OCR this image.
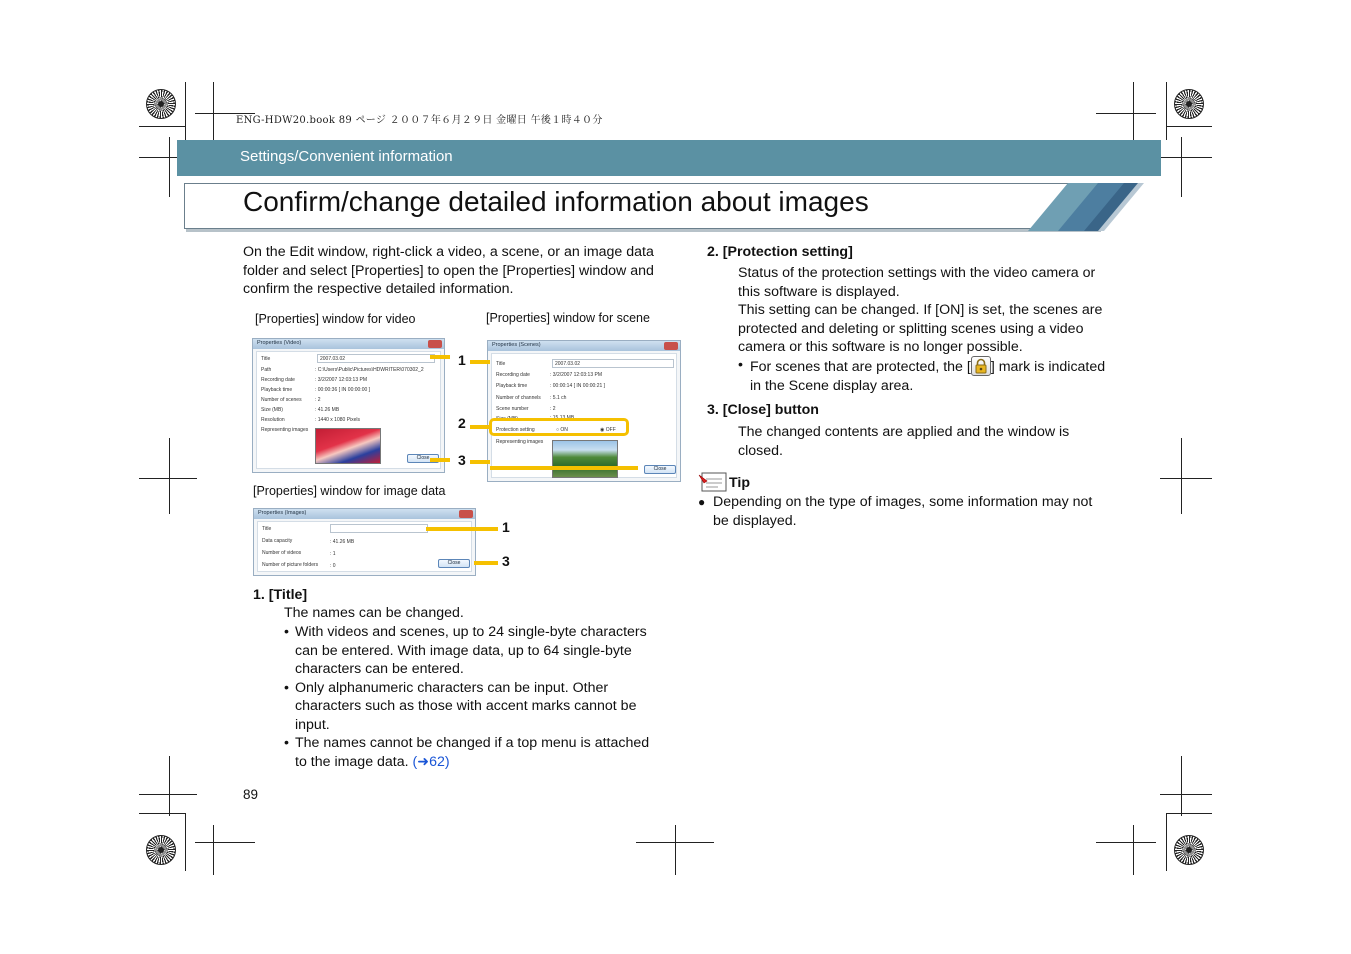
ENG-HDW20.book 89 ページ ２００７年６月２９日 金曜日 午後１時４０分
Settings/Convenient information
Confirm/change detailed information about images
On the Edit window, right-click a video, a scene, or an image data folder and select [Properties] to open the [Properties] window and confirm the respective detailed information.
[Properties] window for video	[Properties] window for scene
[Properties] window for image data
Properties (Video)
Title	2007.03.02
Path	: C:\Users\Public\Pictures\HDWRITER\070302_2
Recording date	: 3/2/2007 12:03:13 PM
Playback time	: 00:00:36 [ IN 00:00:00 ]
Number of scenes	: 2
Size (MB)	: 41.26 MB
Resolution	: 1440 x 1080 Pixels
Representing images
Close
Properties (Scenes)
Title	2007.03.02
Recording date	: 3/2/2007 12:03:13 PM
Playback time	: 00:00:14 [ IN 00:00:21 ]
Number of channels : 5.1 ch
Scene number	: 2
Size (MB)	: 15.13 MB
Protection setting	○ ON	◉ OFF
Representing images
Close
Properties (Images)
Title
Data capacity	: 41.26 MB
Number of videos	: 1
Number of picture folders : 0	Close
1
3
2
1
3
1. [Title]
The names can be changed.
• With videos and scenes, up to 24 single-byte characters can be entered. With image data, up to 64 single-byte characters can be entered.
• Only alphanumeric characters can be input. Other characters such as those with accent marks cannot be input.
• The names cannot be changed if a top menu is attached to the image data. (➜62)
89
2. [Protection setting]
Status of the protection settings with the video camera or this software is displayed.
This setting can be changed. If [ON] is set, the scenes are protected and deleting or splitting scenes using a video camera or this software is no longer possible.
• For scenes that are protected, the [ ] mark is indicated in the Scene display area.
3. [Close] button
The changed contents are applied and the window is closed.
Tip
● Depending on the type of images, some information may not be displayed.
